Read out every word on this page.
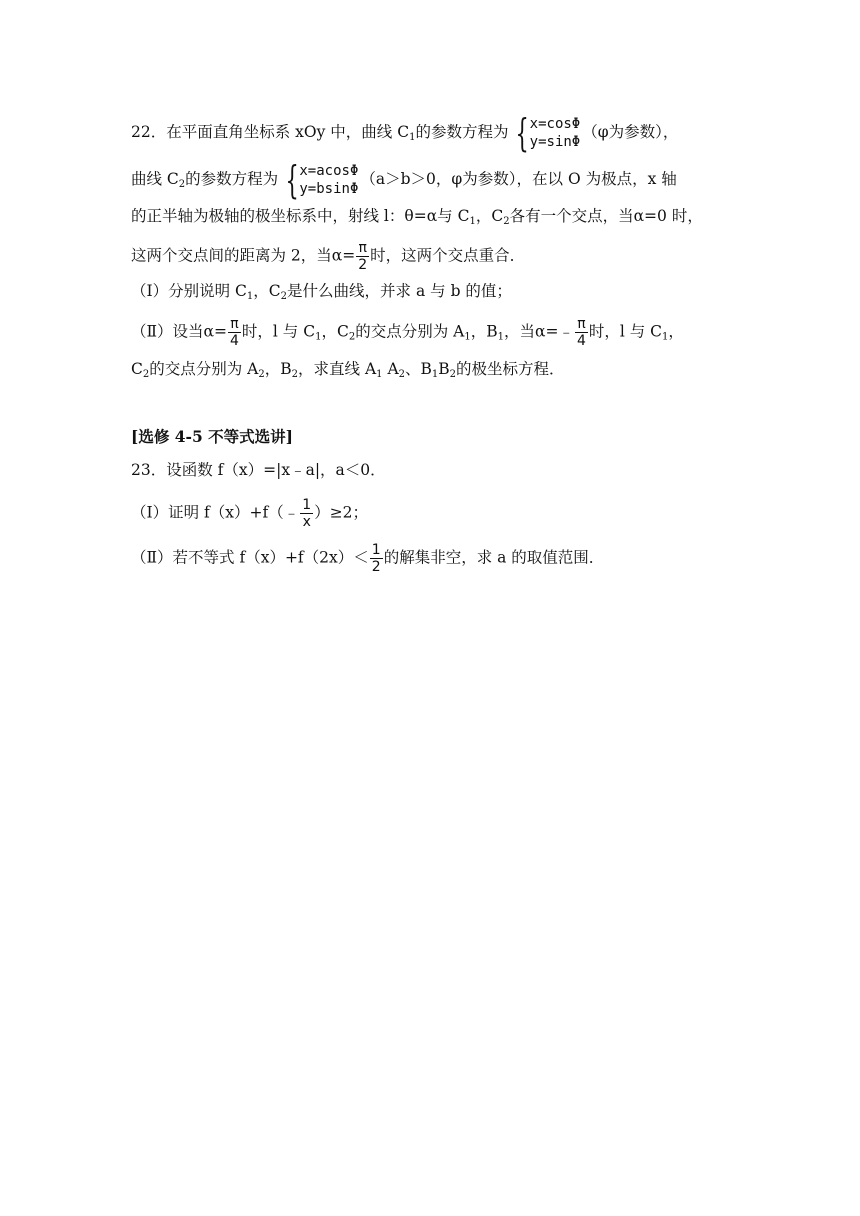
22．在平面直角坐标系 xOy 中，曲线 $C_1$的参数方程为 { x=cosΦ
y=sinΦ
（φ为参数），
曲线 $C_2$的参数方程为 { x=acosΦ
y=bsinΦ
（a＞b＞0，φ为参数），在以 O 为极点，x 轴
的正半轴为极轴的极坐标系中，射线 l：θ=α与 $C_1$，$C_2$各有一个交点，当α=0 时，
这两个交点间的距离为 2，当$\alpha= \frac{\pi}{2}$ 时，这两个交点重合．
（Ⅰ）分别说明 $C_1$，$C_2$是什么曲线，并求 a 与 b 的值；
（Ⅱ）设当$\alpha= \frac{\pi}{4}$ 时，l 与 $C_1$，$C_2$的交点分别为 $A_1$，$B_1$，当α=﹣ $\frac{\pi}{4}$ 时，l 与 $C_1$，
$C_2$的交点分别为 $A_2$，$B_2$，求直线 $A_1$ $A_2$、$B_1B_2$的极坐标方程．
[选修 4-5 不等式选讲]
23．设函数 f（x）=|x﹣a|，a＜0．
（Ⅰ）证明 f（x）+f（﹣ $\frac{1}{x} )\ge 2$；
（Ⅱ）若不等式 $f(x)+f(2x)< \frac{1}{2}$ 的解集非空，求 a 的取值范围．
